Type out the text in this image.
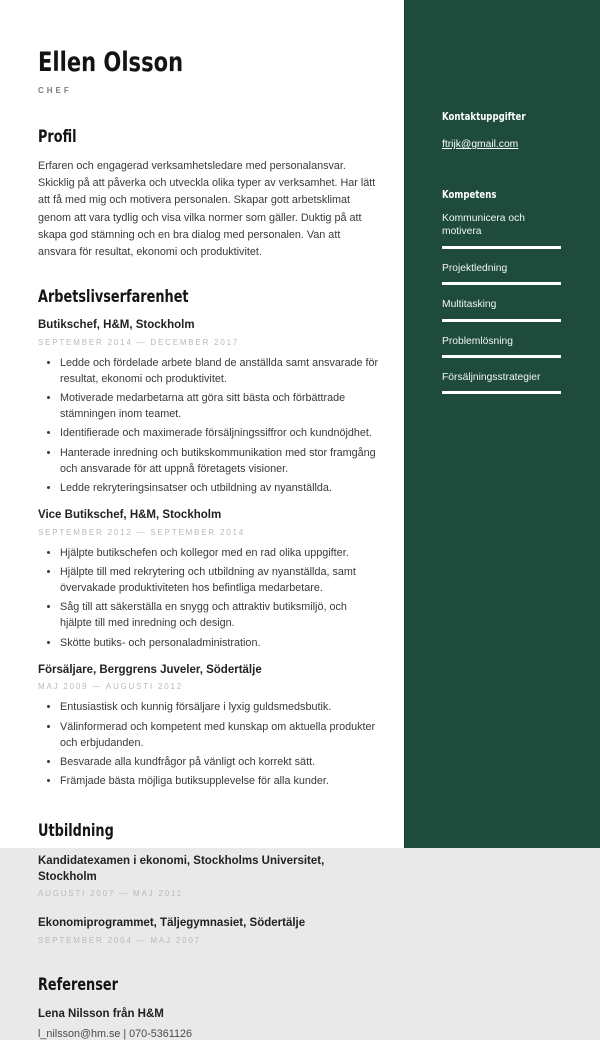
Ellen Olsson
CHEF
Profil

Erfaren och engagerad verksamhetsledare med personalansvar. Skicklig på att påverka och utveckla olika typer av verksamhet. Har lätt att få med mig och motivera personalen. Skapar gott arbetsklimat genom att vara tydlig och visa vilka normer som gäller. Duktig på att skapa god stämning och en bra dialog med personalen. Van att ansvara för resultat, ekonomi och produktivitet.

Arbetslivserfarenhet
Butikschef, H&M, Stockholm
SEPTEMBER 2014 — DECEMBER 2017
• Ledde och fördelade arbete bland de anställda samt ansvarade för resultat, ekonomi och produktivitet.
• Motiverade medarbetarna att göra sitt bästa och förbättrade stämningen inom teamet.
• Identifierade och maximerade försäljningssiffror och kundnöjdhet.
• Hanterade inredning och butikskommunikation med stor framgång och ansvarade för att uppnå företagets visioner.
• Ledde rekryteringsinsatser och utbildning av nyanställda.
Vice Butikschef, H&M, Stockholm
SEPTEMBER 2012 — SEPTEMBER 2014
• Hjälpte butikschefen och kollegor med en rad olika uppgifter.
• Hjälpte till med rekrytering och utbildning av nyanställda, samt övervakade produktiviteten hos befintliga medarbetare.
• Såg till att säkerställa en snygg och attraktiv butiksmiljö, och hjälpte till med inredning och design.
• Skötte butiks- och personaladministration.
Försäljare, Berggrens Juveler, Södertälje
MAJ 2009 — AUGUSTI 2012
• Entusiastisk och kunnig försäljare i lyxig guldsmedsbutik.
• Välinformerad och kompetent med kunskap om aktuella produkter och erbjudanden.
• Besvarade alla kundfrågor på vänligt och korrekt sätt.
• Främjade bästa möjliga butiksupplevelse för alla kunder.
Utbildning
Kandidatexamen i ekonomi, Stockholms Universitet, Stockholm
AUGUSTI 2007 — MAJ 2011
Ekonomiprogrammet, Täljegymnasiet, Södertälje
SEPTEMBER 2004 — MAJ 2007
Referenser
Lena Nilsson från H&M
l_nilsson@hm.se | 070-5361126
Kontaktuppgifter
ftrijk@gmail.com
Kompetens
Kommunicera och motivera
Projektledning
Multitasking
Problemlösning
Försäljningsstrategier
